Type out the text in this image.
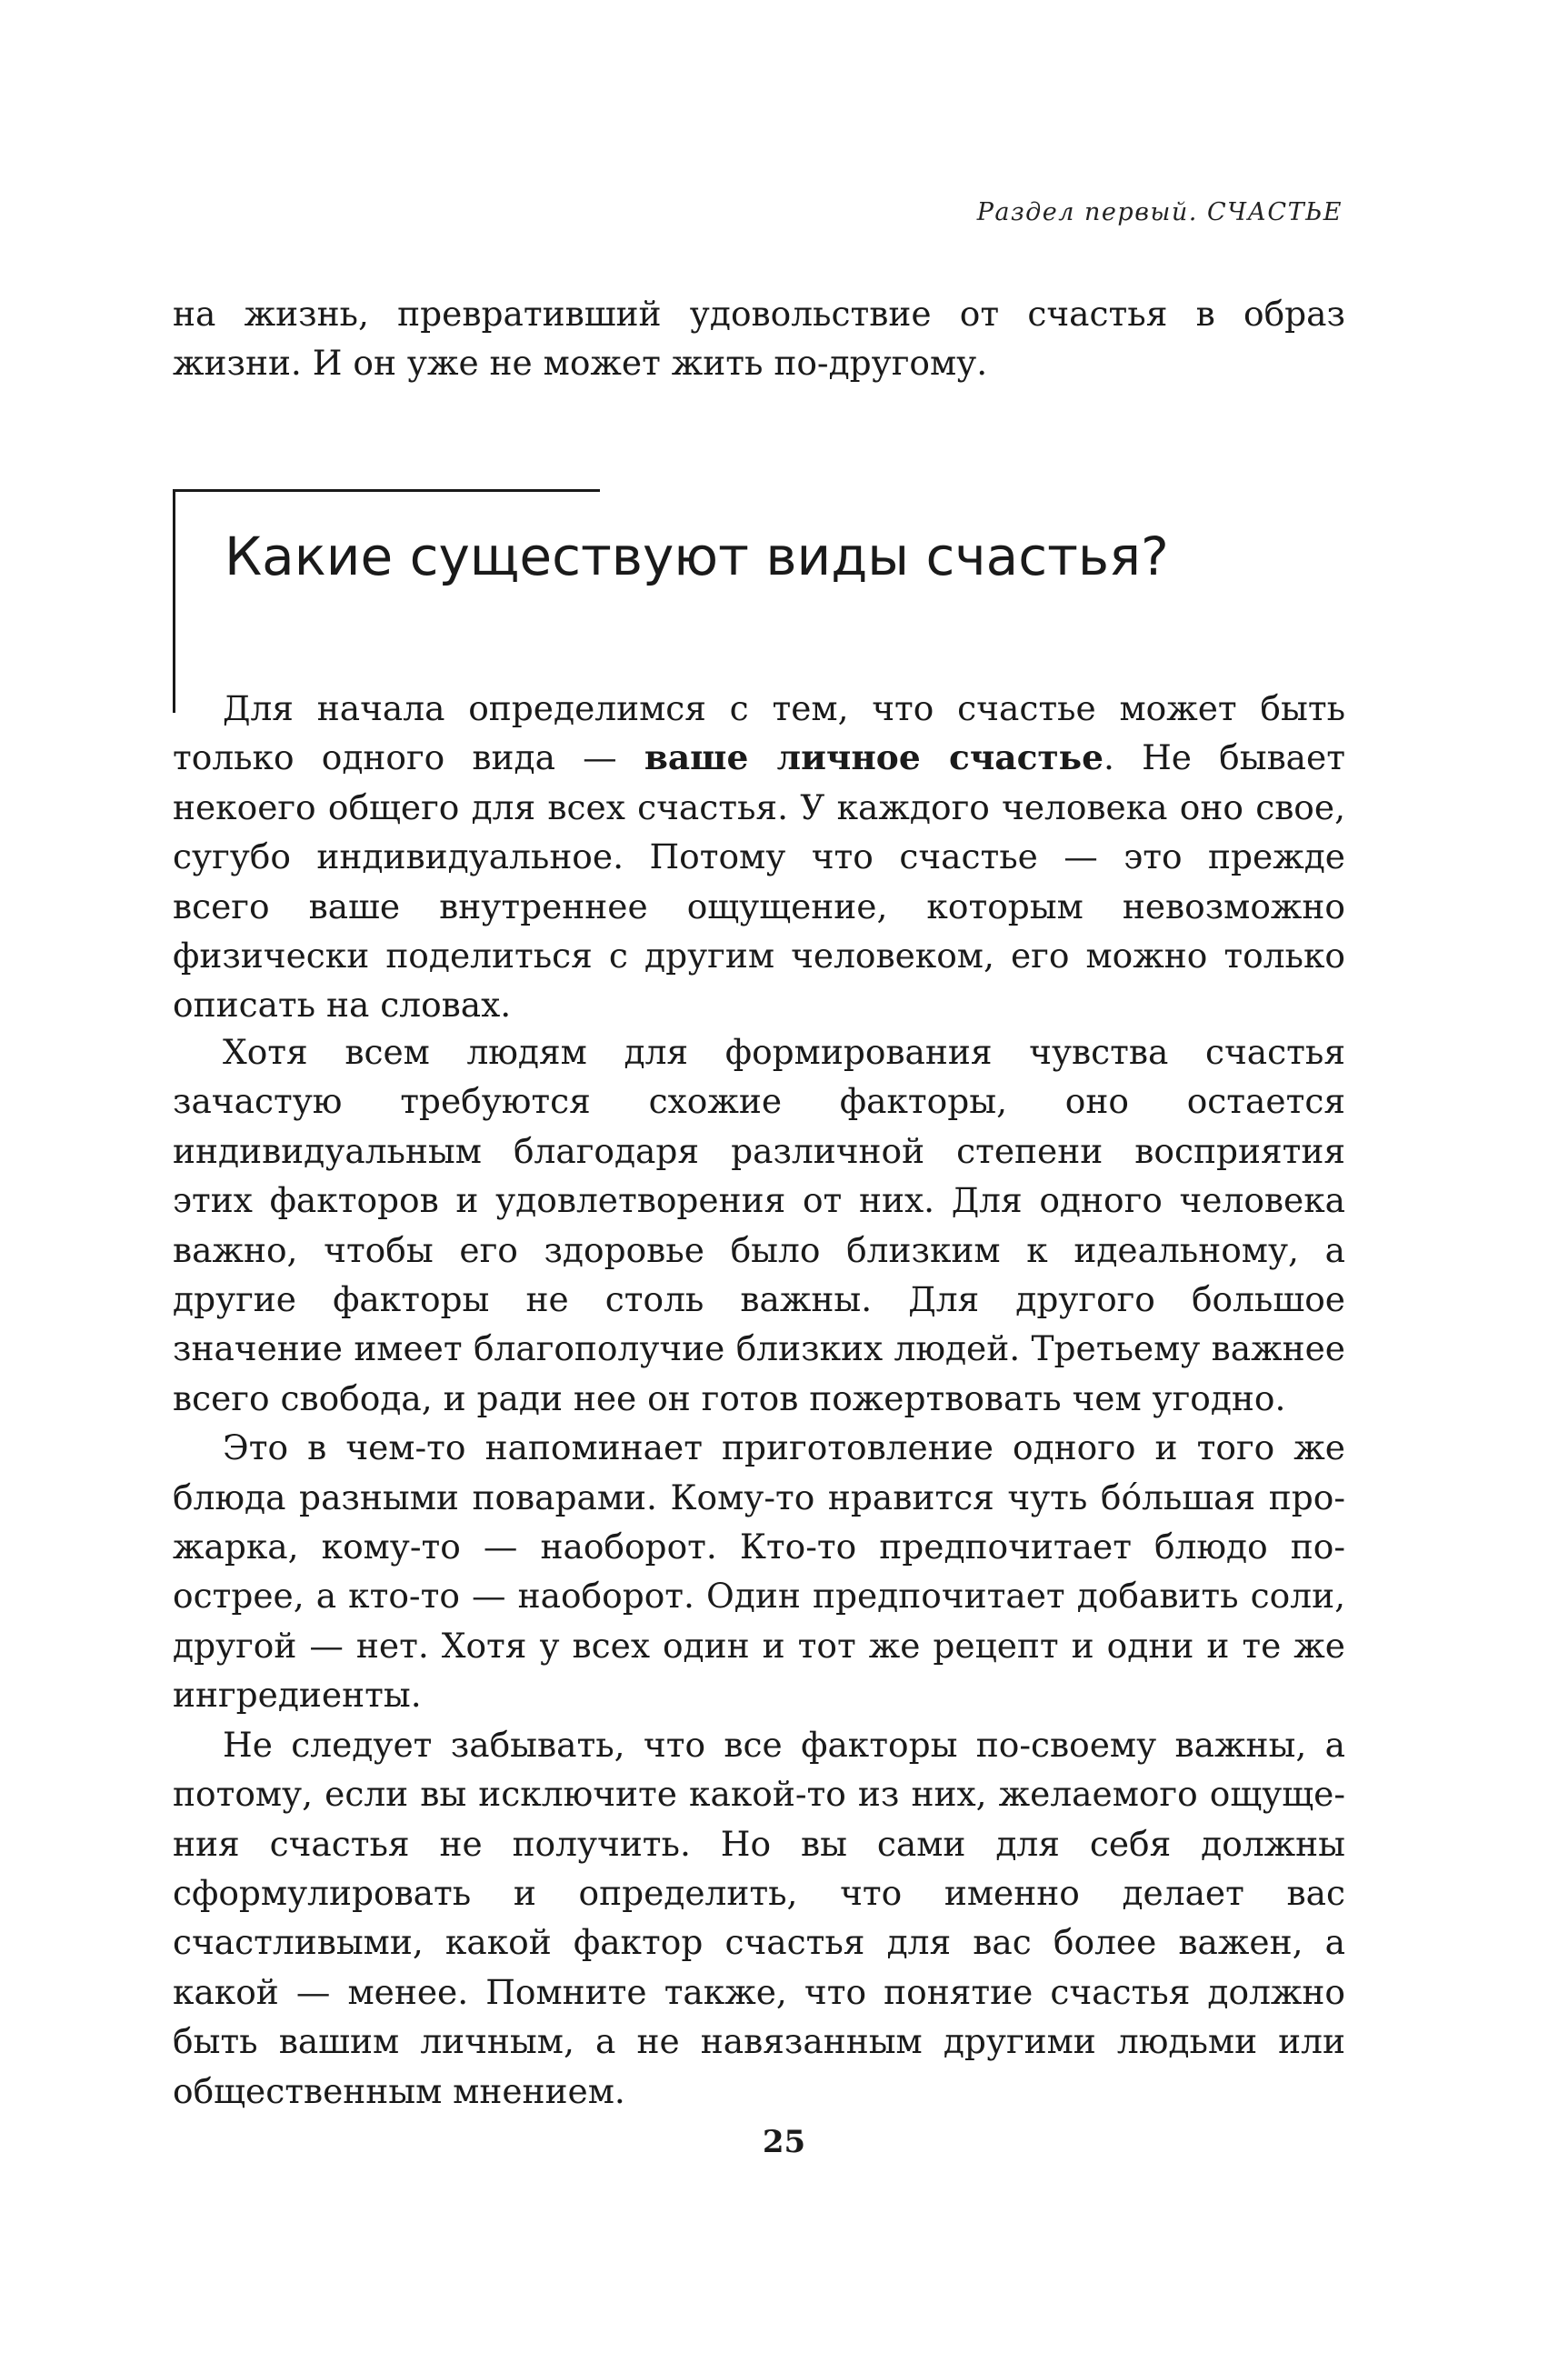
Раздел первый. СЧАСТЬЕ

на жизнь, превративший удовольствие от счастья в образ жизни. И он уже не может жить по-другому.

Какие существуют виды счастья?

Для начала определимся с тем, что счастье может быть только одного вида — ваше личное счастье. Не бывает некоего общего для всех счастья. У каждого человека оно свое, сугубо индивидуальное. Потому что счастье — это прежде всего ваше внутреннее ощущение, которым невозможно физически поделиться с другим человеком, его можно только описать на словах.

Хотя всем людям для формирования чувства счастья зачастую требуются схожие факторы, оно остается индивидуальным благодаря различной степени восприятия этих факторов и удовлетворения от них. Для одного человека важно, чтобы его здоровье было близким к идеальному, а другие факторы не столь важны. Для другого большое значение имеет благополучие близких людей. Третьему важнее всего свобода, и ради нее он готов пожертвовать чем угодно.

Это в чем-то напоминает приготовление одного и того же блюда разными поварами. Кому-то нравится чуть бóльшая прожарка, кому-то — наоборот. Кто-то предпочитает блюдо поострее, а кто-то — наоборот. Один предпочитает добавить соли, другой — нет. Хотя у всех один и тот же рецепт и одни и те же ингредиенты.

Не следует забывать, что все факторы по-своему важны, а потому, если вы исключите какой-то из них, желаемого ощущения счастья не получить. Но вы сами для себя должны сформулировать и определить, что именно делает вас счастливыми, какой фактор счастья для вас более важен, а какой — менее. Помните также, что понятие счастья должно быть вашим личным, а не навязанным другими людьми или общественным мнением.

25
